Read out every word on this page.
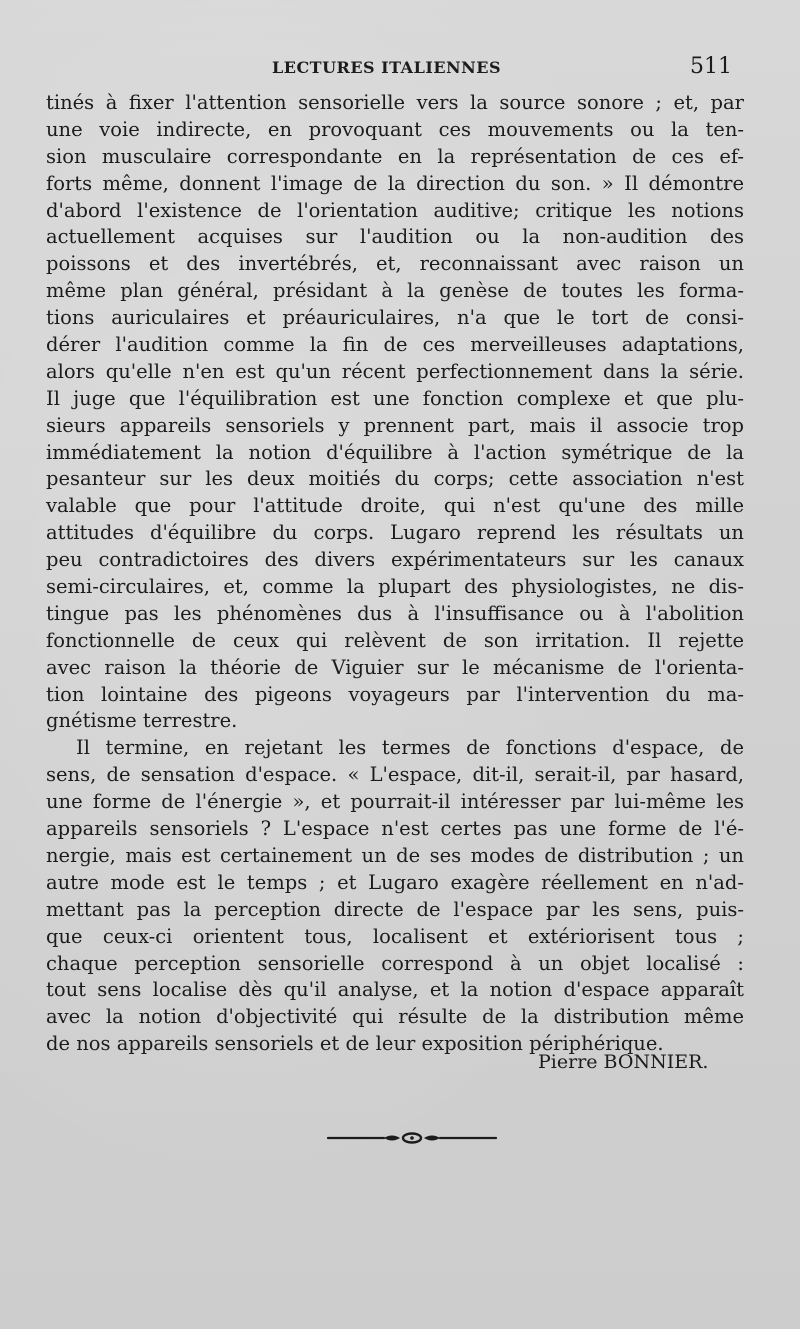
LECTURES ITALIENNES	511
tinés à fixer l'attention sensorielle vers la source sonore ; et, par
une voie indirecte, en provoquant ces mouvements ou la ten-
sion musculaire correspondante en la représentation de ces ef-
forts même, donnent l'image de la direction du son. » Il démontre
d'abord l'existence de l'orientation auditive; critique les notions
actuellement acquises sur l'audition ou la non-audition des
poissons et des invertébrés, et, reconnaissant avec raison un
même plan général, présidant à la genèse de toutes les forma-
tions auriculaires et préauriculaires, n'a que le tort de consi-
dérer l'audition comme la fin de ces merveilleuses adaptations,
alors qu'elle n'en est qu'un récent perfectionnement dans la série.
Il juge que l'équilibration est une fonction complexe et que plu-
sieurs appareils sensoriels y prennent part, mais il associe trop
immédiatement la notion d'équilibre à l'action symétrique de la
pesanteur sur les deux moitiés du corps; cette association n'est
valable que pour l'attitude droite, qui n'est qu'une des mille
attitudes d'équilibre du corps. Lugaro reprend les résultats un
peu contradictoires des divers expérimentateurs sur les canaux
semi-circulaires, et, comme la plupart des physiologistes, ne dis-
tingue pas les phénomènes dus à l'insuffisance ou à l'abolition
fonctionnelle de ceux qui relèvent de son irritation. Il rejette
avec raison la théorie de Viguier sur le mécanisme de l'orienta-
tion lointaine des pigeons voyageurs par l'intervention du ma-
gnétisme terrestre.
Il termine, en rejetant les termes de fonctions d'espace, de
sens, de sensation d'espace. « L'espace, dit-il, serait-il, par hasard,
une forme de l'énergie », et pourrait-il intéresser par lui-même les
appareils sensoriels ? L'espace n'est certes pas une forme de l'é-
nergie, mais est certainement un de ses modes de distribution ; un
autre mode est le temps ; et Lugaro exagère réellement en n'ad-
mettant pas la perception directe de l'espace par les sens, puis-
que ceux-ci orientent tous, localisent et extériorisent tous ;
chaque perception sensorielle correspond à un objet localisé :
tout sens localise dès qu'il analyse, et la notion d'espace apparaît
avec la notion d'objectivité qui résulte de la distribution même
de nos appareils sensoriels et de leur exposition périphérique.
Pierre BONNIER.
